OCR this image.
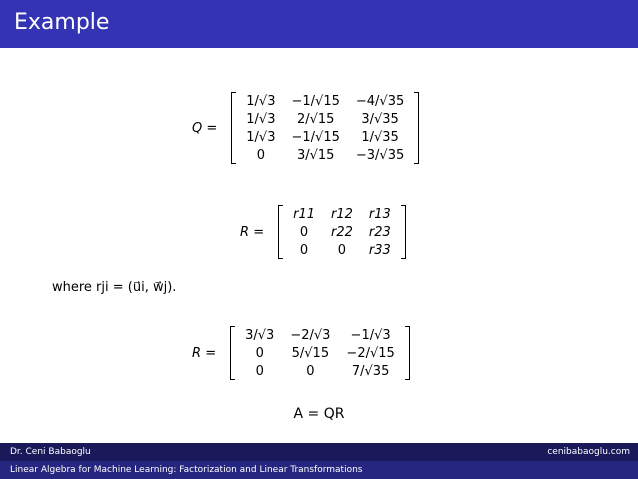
Example
Q =
1/√3	−1/√15	−4/√35
1/√3	2/√15	3/√35
1/√3	−1/√15	1/√35
0	3/√15	−3/√35
R =
r11	r12	r13
0	r22	r23
0	0	r33
where rji = (u⃗i, w⃗j).
R =
3/√3	−2/√3	−1/√3
0	5/√15	−2/√15
0	0	7/√35
A = QR
Dr. Ceni Babaoglu	cenibabaoglu.com
Linear Algebra for Machine Learning: Factorization and Linear Transformations
